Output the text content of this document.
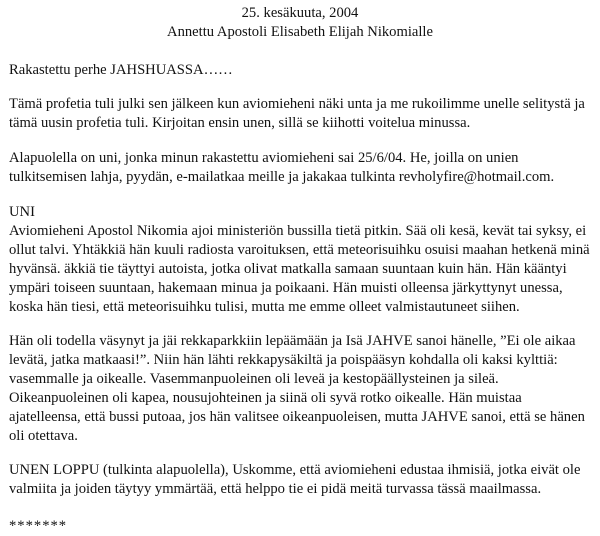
25. kesäkuuta, 2004
Annettu Apostoli Elisabeth Elijah Nikomialle

Rakastettu perhe JAHSHUASSA……

Tämä profetia tuli julki sen jälkeen kun aviomieheni näki unta ja me rukoilimme unelle selitystä ja
tämä uusin profetia tuli. Kirjoitan ensin unen, sillä se kiihotti voitelua minussa.

Alapuolella on uni, jonka minun rakastettu aviomieheni sai 25/6/04. He, joilla on unien
tulkitsemisen lahja, pyydän, e-mailatkaa meille ja jakakaa tulkinta revholyfire@hotmail.com.

UNI

Aviomieheni Apostol Nikomia ajoi ministeriön bussilla tietä pitkin. Sää oli kesä, kevät tai syksy, ei
ollut talvi. Yhtäkkiä hän kuuli radiosta varoituksen, että meteorisuihku osuisi maahan hetkenä minä
hyvänsä. äkkiä tie täyttyi autoista, jotka olivat matkalla samaan suuntaan kuin hän. Hän kääntyi
ympäri toiseen suuntaan, hakemaan minua ja poikaani. Hän muisti olleensa järkyttynyt unessa,
koska hän tiesi, että meteorisuihku tulisi, mutta me emme olleet valmistautuneet siihen.

Hän oli todella väsynyt ja jäi rekkaparkkiin lepäämään ja Isä JAHVE sanoi hänelle, ”Ei ole aikaa
levätä, jatka matkaasi!”. Niin hän lähti rekkapysäkiltä ja poispääsyn kohdalla oli kaksi kylttiä:
vasemmalle ja oikealle. Vasemmanpuoleinen oli leveä ja kestopäällysteinen ja sileä.
Oikeanpuoleinen oli kapea, nousujohteinen ja siinä oli syvä rotko oikealle. Hän muistaa
ajatelleensa, että bussi putoaa, jos hän valitsee oikeanpuoleisen, mutta JAHVE sanoi, että se hänen
oli otettava.

UNEN LOPPU (tulkinta alapuolella), Uskomme, että aviomieheni edustaa ihmisiä, jotka eivät ole
valmiita ja joiden täytyy ymmärtää, että helppo tie ei pidä meitä turvassa tässä maailmassa.

*******
